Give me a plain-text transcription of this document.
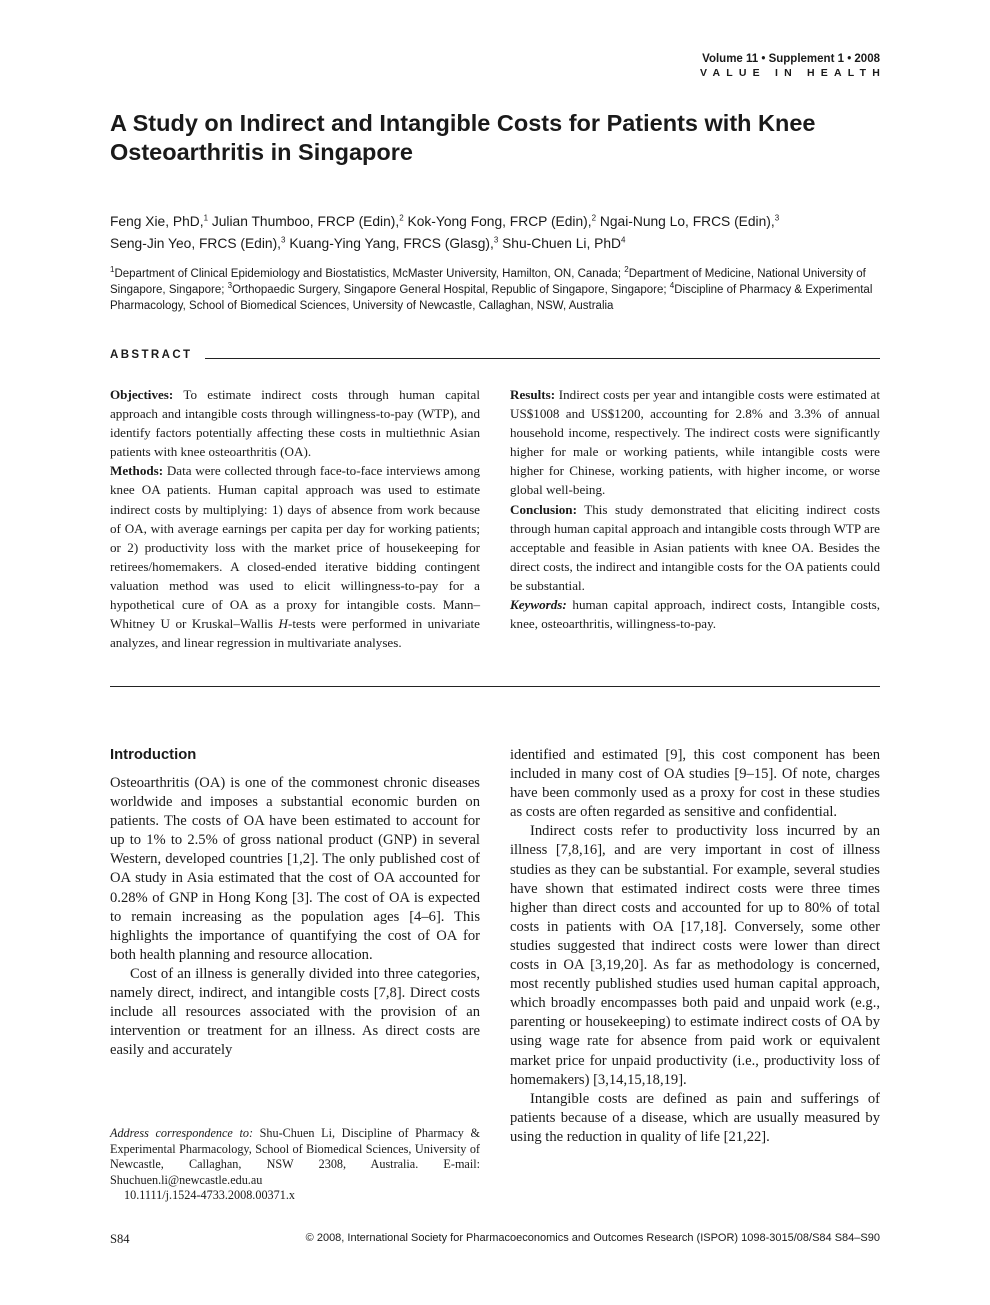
Volume 11 • Supplement 1 • 2008
VALUE IN HEALTH
A Study on Indirect and Intangible Costs for Patients with Knee Osteoarthritis in Singapore
Feng Xie, PhD,$^1$ Julian Thumboo, FRCP (Edin),$^2$ Kok-Yong Fong, FRCP (Edin),$^2$ Ngai-Nung Lo, FRCS (Edin),$^3$
Seng-Jin Yeo, FRCS (Edin),$^3$ Kuang-Ying Yang, FRCS (Glasg),$^3$ Shu-Chuen Li, PhD$^4$
$^1$Department of Clinical Epidemiology and Biostatistics, McMaster University, Hamilton, ON, Canada; $^2$Department of Medicine, National University of Singapore, Singapore; $^3$Orthopaedic Surgery, Singapore General Hospital, Republic of Singapore, Singapore; $^4$Discipline of Pharmacy & Experimental Pharmacology, School of Biomedical Sciences, University of Newcastle, Callaghan, NSW, Australia
ABSTRACT

Objectives: To estimate indirect costs through human capital approach and intangible costs through willingness-to-pay (WTP), and identify factors potentially affecting these costs in multiethnic Asian patients with knee osteoarthritis (OA).

Methods: Data were collected through face-to-face interviews among knee OA patients. Human capital approach was used to estimate indirect costs by multiplying: 1) days of absence from work because of OA, with average earnings per capita per day for working patients; or 2) productivity loss with the market price of housekeeping for retirees/homemakers. A closed-ended iterative bidding contingent valuation method was used to elicit willingness-to-pay for a hypothetical cure of OA as a proxy for intangible costs. Mann–Whitney U or Kruskal–Wallis H-tests were performed in univariate analyzes, and linear regression in multivariate analyses.

Results: Indirect costs per year and intangible costs were estimated at US$1008 and US$1200, accounting for 2.8% and 3.3% of annual household income, respectively. The indirect costs were significantly higher for male or working patients, while intangible costs were higher for Chinese, working patients, with higher income, or worse global well-being.

Conclusion: This study demonstrated that eliciting indirect costs through human capital approach and intangible costs through WTP are acceptable and feasible in Asian patients with knee OA. Besides the direct costs, the indirect and intangible costs for the OA patients could be substantial.

Keywords: human capital approach, indirect costs, Intangible costs, knee, osteoarthritis, willingness-to-pay.

Introduction

Osteoarthritis (OA) is one of the commonest chronic diseases worldwide and imposes a substantial economic burden on patients. The costs of OA have been estimated to account for up to 1% to 2.5% of gross national product (GNP) in several Western, developed countries [1,2]. The only published cost of OA study in Asia estimated that the cost of OA accounted for 0.28% of GNP in Hong Kong [3]. The cost of OA is expected to remain increasing as the population ages [4–6]. This highlights the importance of quantifying the cost of OA for both health planning and resource allocation.

Cost of an illness is generally divided into three categories, namely direct, indirect, and intangible costs [7,8]. Direct costs include all resources associated with the provision of an intervention or treatment for an illness. As direct costs are easily and accurately

identified and estimated [9], this cost component has been included in many cost of OA studies [9–15]. Of note, charges have been commonly used as a proxy for cost in these studies as costs are often regarded as sensitive and confidential.

Indirect costs refer to productivity loss incurred by an illness [7,8,16], and are very important in cost of illness studies as they can be substantial. For example, several studies have shown that estimated indirect costs were three times higher than direct costs and accounted for up to 80% of total costs in patients with OA [17,18]. Conversely, some other studies suggested that indirect costs were lower than direct costs in OA [3,19,20]. As far as methodology is concerned, most recently published studies used human capital approach, which broadly encompasses both paid and unpaid work (e.g., parenting or housekeeping) to estimate indirect costs of OA by using wage rate for absence from paid work or equivalent market price for unpaid productivity (i.e., productivity loss of homemakers) [3,14,15,18,19].

Intangible costs are defined as pain and sufferings of patients because of a disease, which are usually measured by using the reduction in quality of life [21,22].

Address correspondence to: Shu-Chuen Li, Discipline of Pharmacy & Experimental Pharmacology, School of Biomedical Sciences, University of Newcastle, Callaghan, NSW 2308, Australia. E-mail: Shuchuen.li@newcastle.edu.au

10.1111/j.1524-4733.2008.00371.x

S84	© 2008, International Society for Pharmacoeconomics and Outcomes Research (ISPOR) 1098-3015/08/S84 S84–S90
